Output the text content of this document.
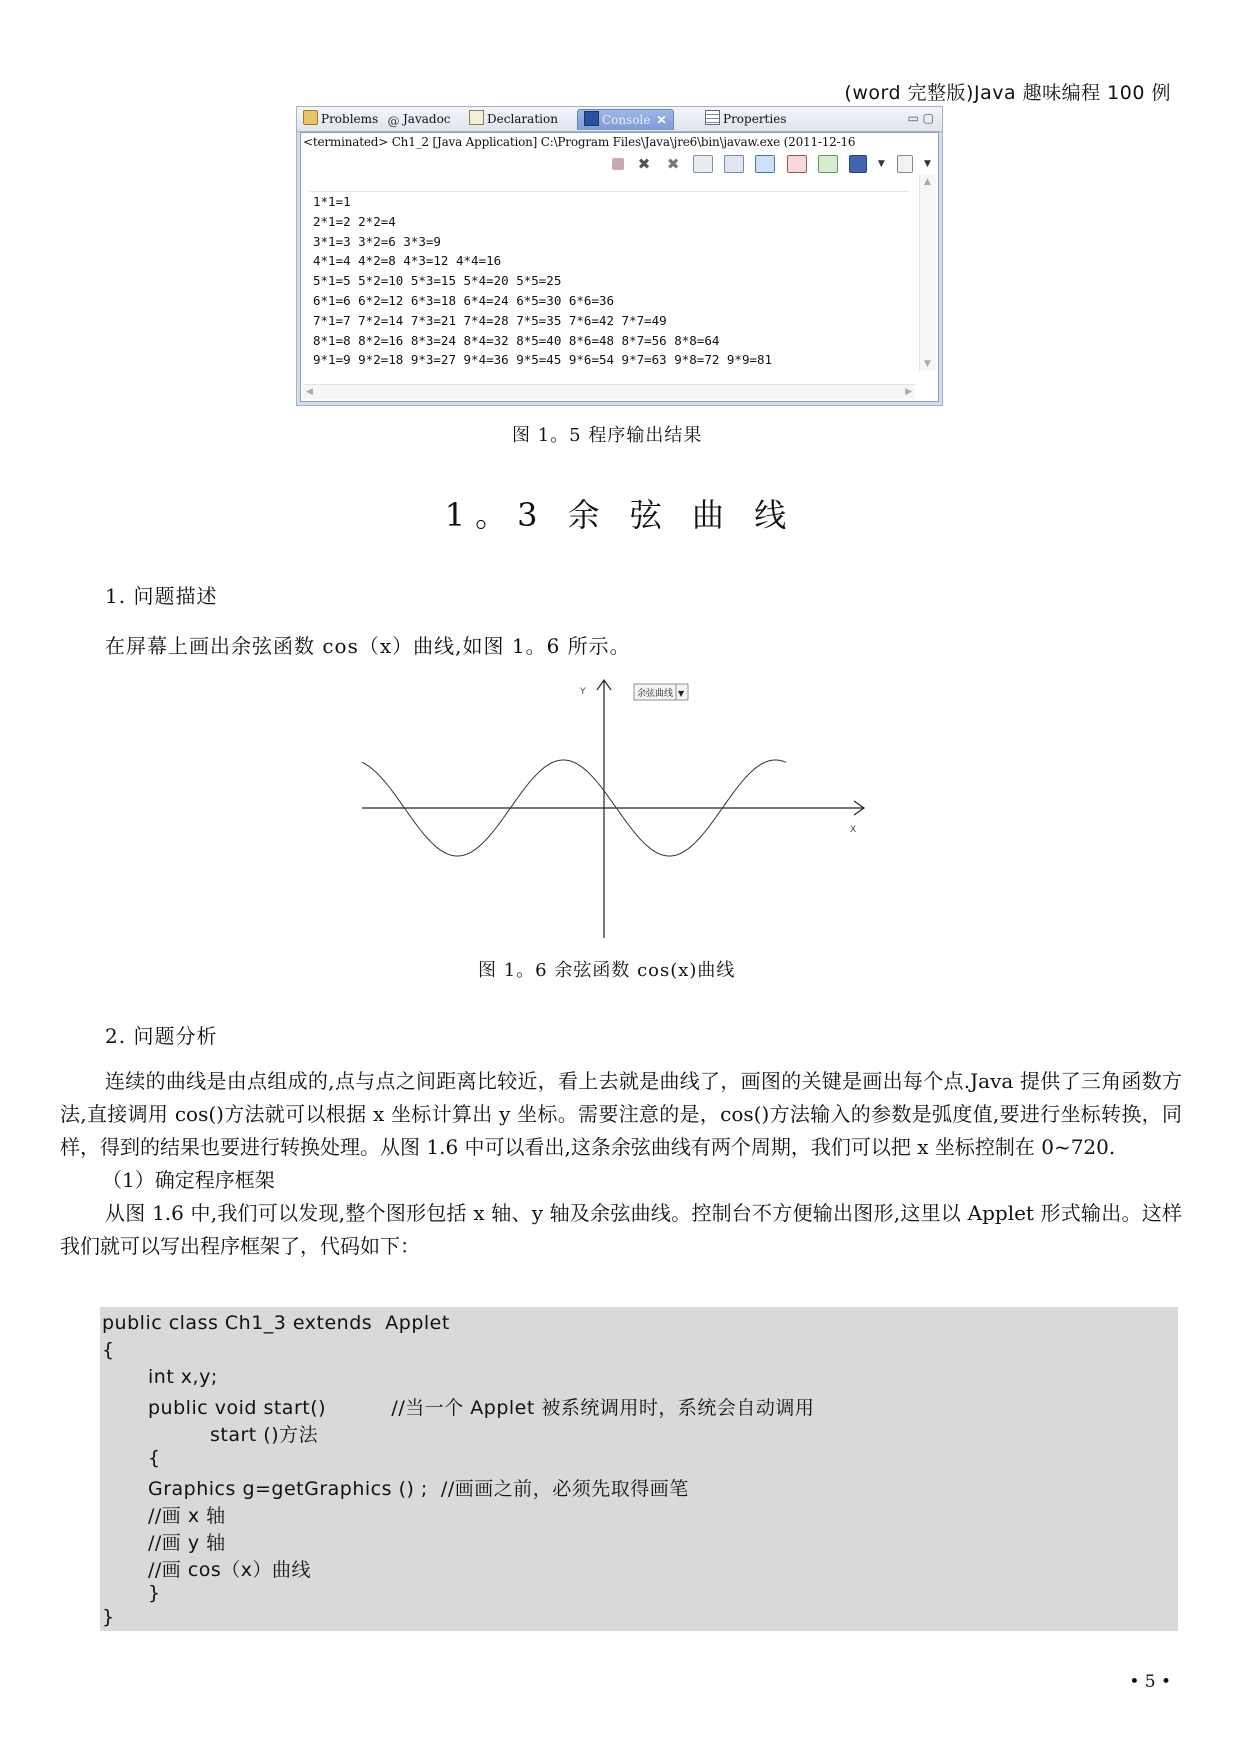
(word 完整版)Java 趣味编程 100 例
Problems @ Javadoc	Declaration	Console ✕	Properties	▭ ▢
<terminated> Ch1_2 [Java Application] C:\Program Files\Java\jre6\bin\javaw.exe (2011-12-16
✖ ✖	▼	▼
1*1=1
2*1=2 2*2=4
3*1=3 3*2=6 3*3=9
4*1=4 4*2=8 4*3=12 4*4=16
5*1=5 5*2=10 5*3=15 5*4=20 5*5=25
6*1=6 6*2=12 6*3=18 6*4=24 6*5=30 6*6=36
7*1=7 7*2=14 7*3=21 7*4=28 7*5=35 7*6=42 7*7=49
8*1=8 8*2=16 8*3=24 8*4=32 8*5=40 8*6=48 8*7=56 8*8=64
9*1=9 9*2=18 9*3=27 9*4=36 9*5=45 9*6=54 9*7=63 9*8=72 9*9=81
▲
▼
◀	▶
图 1。5 程序输出结果
1。3 余 弦 曲 线
1. 问题描述
在屏幕上画出余弦函数 cos（x）曲线,如图 1。6 所示。
Y
X
余弦曲线 ▼
图 1。6 余弦函数 cos(x)曲线
2. 问题分析

连续的曲线是由点组成的,点与点之间距离比较近，看上去就是曲线了，画图的关键是画出每个点.Java 提供了三角函数方法,直接调用 cos()方法就可以根据 x 坐标计算出 y 坐标。需要注意的是，cos()方法输入的参数是弧度值,要进行坐标转换，同样，得到的结果也要进行转换处理。从图 1.6 中可以看出,这条余弦曲线有两个周期，我们可以把 x 坐标控制在 0~720.

（1）确定程序框架

从图 1.6 中,我们可以发现,整个图形包括 x 轴、y 轴及余弦曲线。控制台不方便输出图形,这里以 Applet 形式输出。这样我们就可以写出程序框架了，代码如下：

public class Ch1_3 extends  Applet
{
int x,y;
public void start()          //当一个 Applet 被系统调用时，系统会自动调用
start ()方法
{
Graphics g=getGraphics () ;  //画画之前，必须先取得画笔
//画 x 轴
//画 y 轴
//画 cos（x）曲线
}
}
• 5 •
